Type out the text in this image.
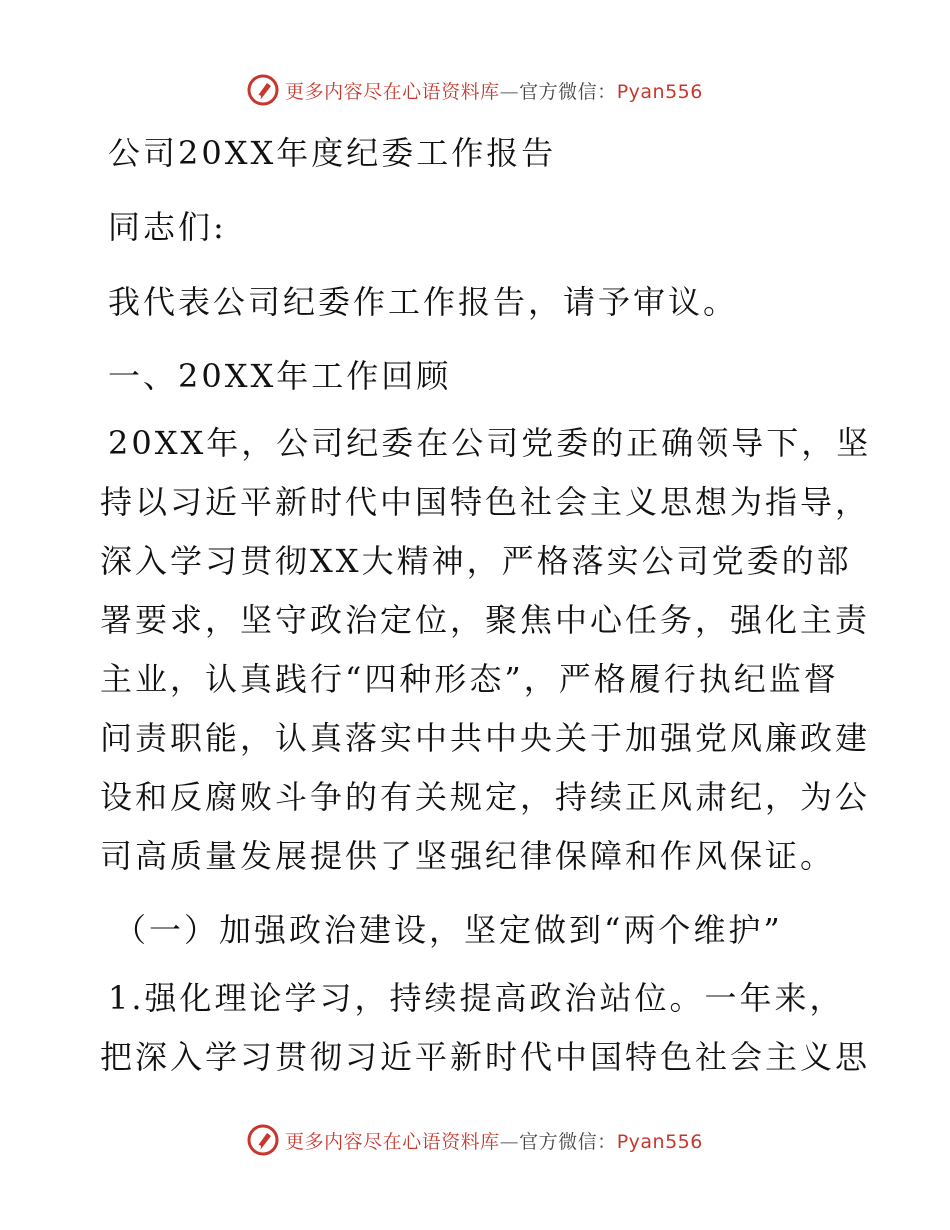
更多内容尽在心语资料库—官方微信：Pyan556
公司20XX年度纪委工作报告
同志们:
我代表公司纪委作工作报告，请予审议。
一、20XX年工作回顾
20XX年，公司纪委在公司党委的正确领导下，坚
持以习近平新时代中国特色社会主义思想为指导，
深入学习贯彻XX大精神，严格落实公司党委的部
署要求，坚守政治定位，聚焦中心任务，强化主责
主业，认真践行“四种形态”，严格履行执纪监督
问责职能，认真落实中共中央关于加强党风廉政建
设和反腐败斗争的有关规定，持续正风肃纪，为公
司高质量发展提供了坚强纪律保障和作风保证。
（一）加强政治建设，坚定做到“两个维护”
1.强化理论学习，持续提高政治站位。一年来，
把深入学习贯彻习近平新时代中国特色社会主义思
更多内容尽在心语资料库—官方微信：Pyan556
